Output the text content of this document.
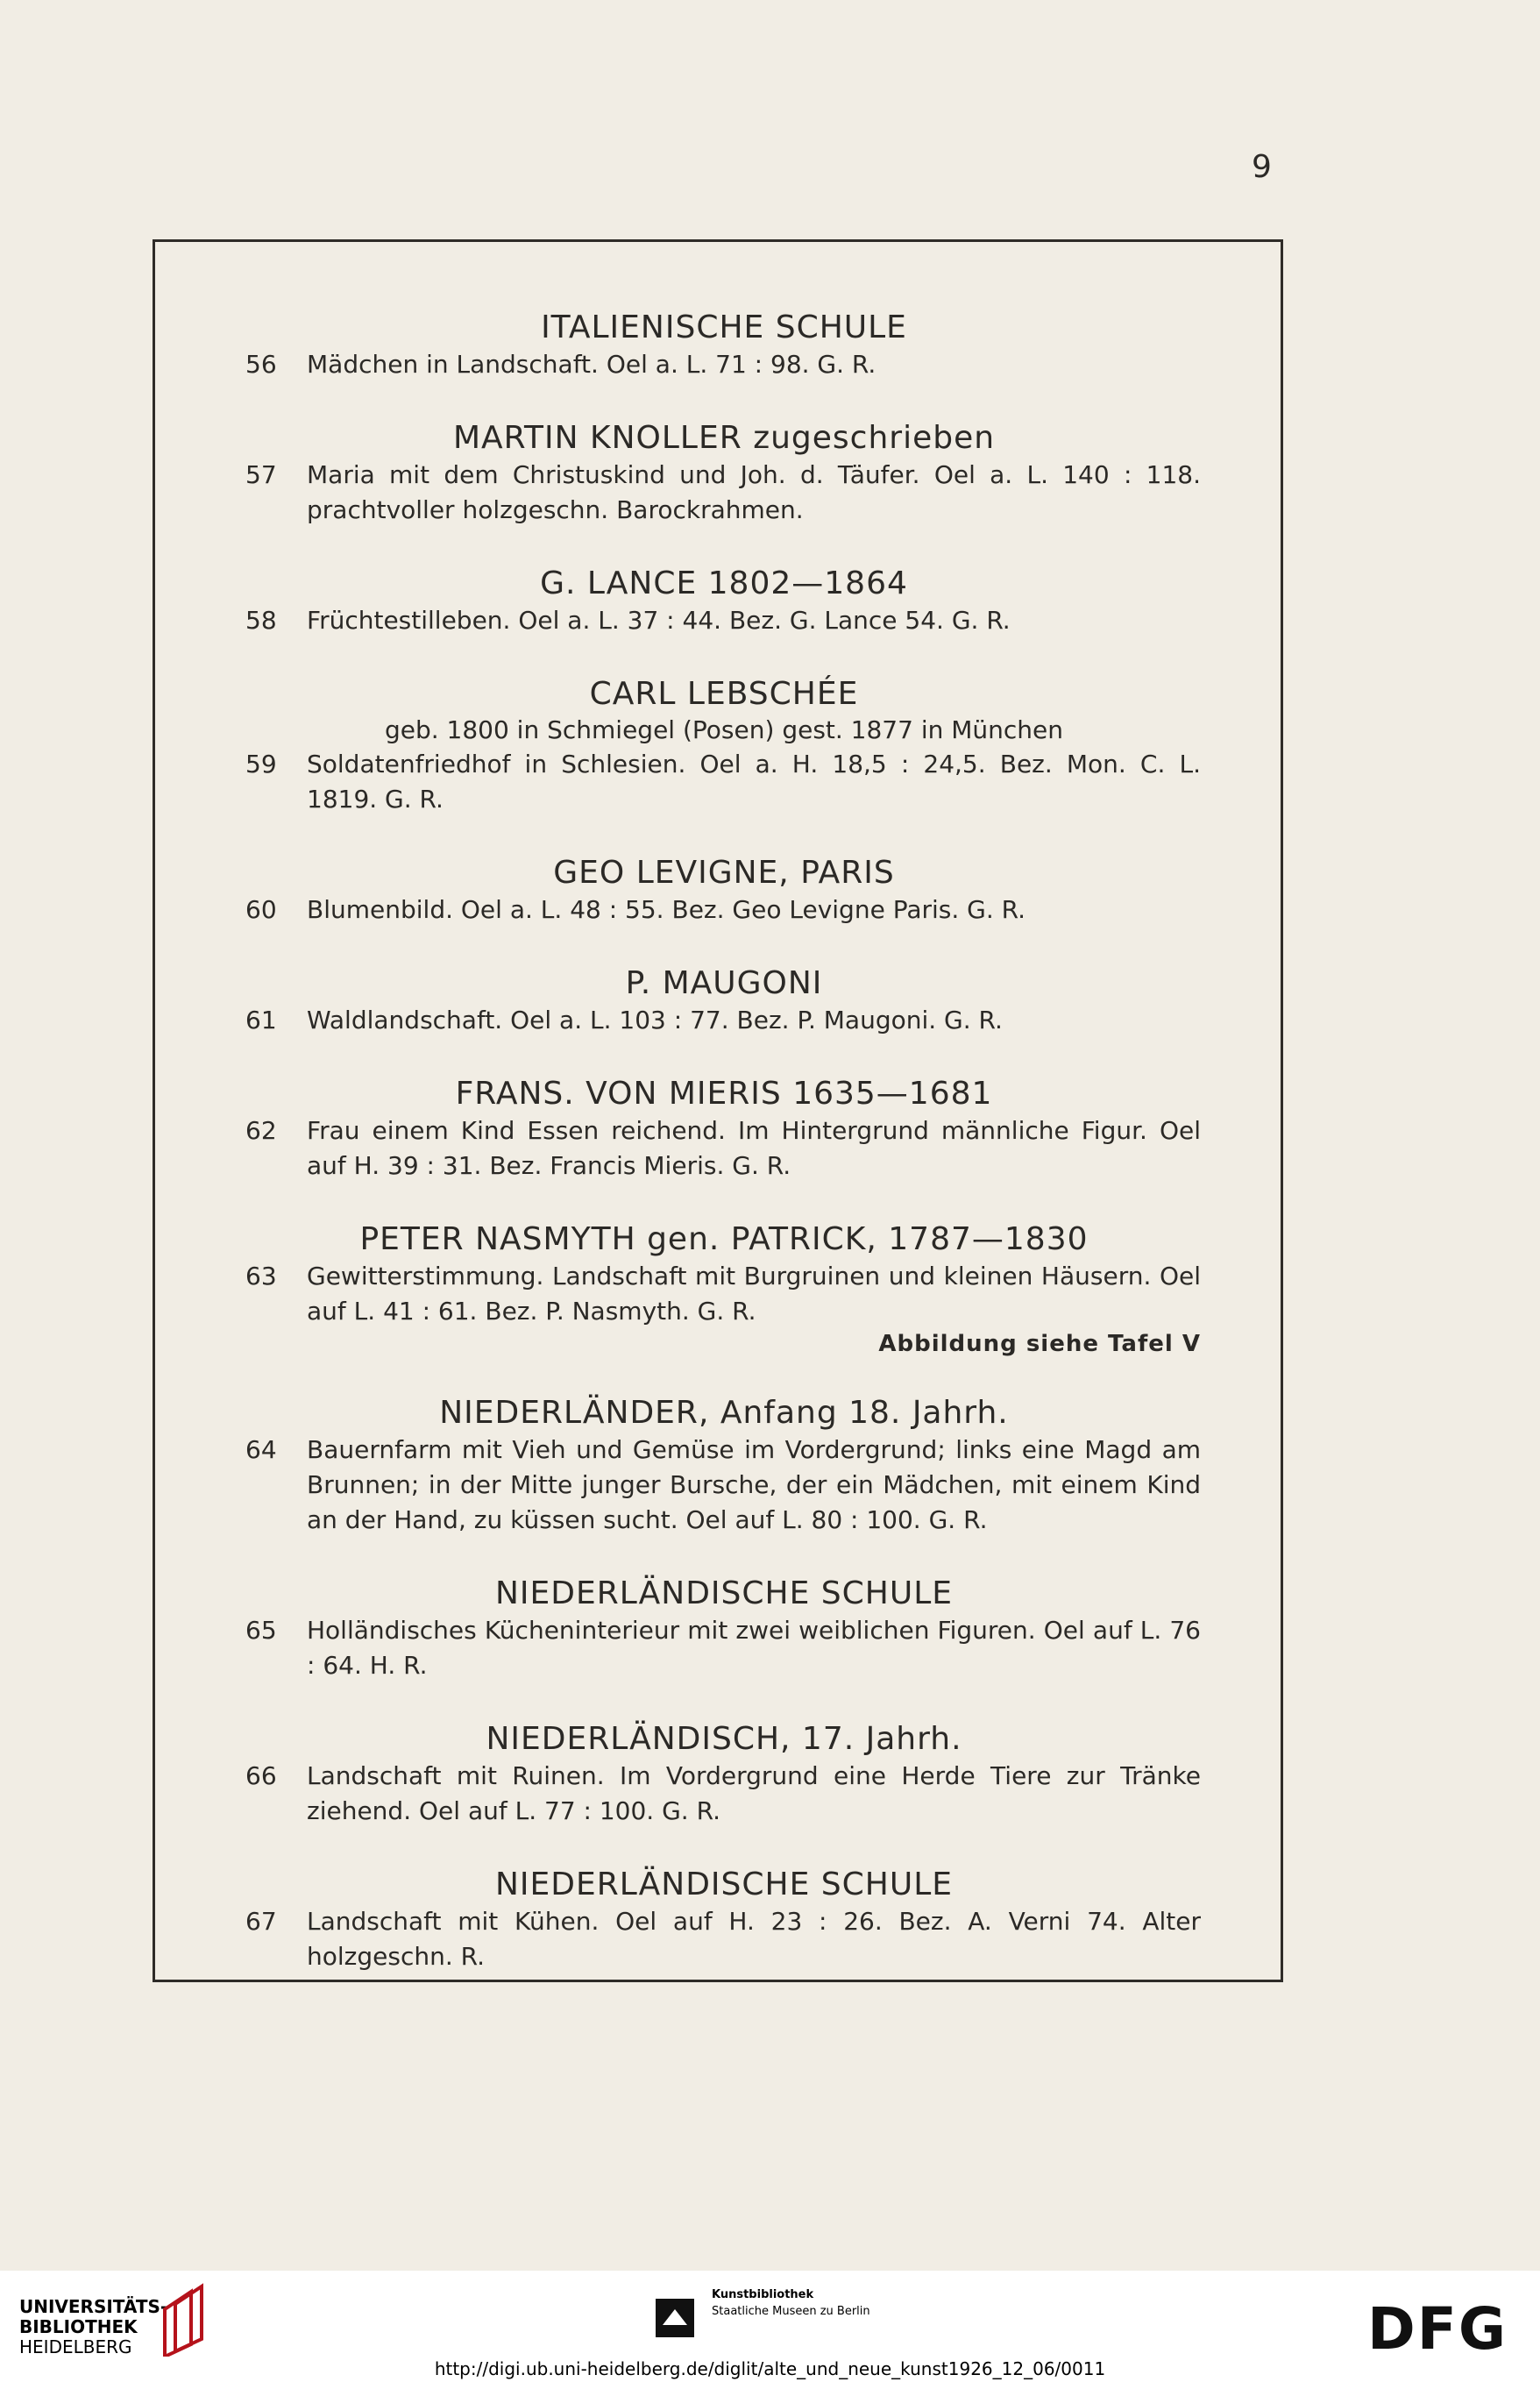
9
ITALIENISCHE SCHULE
56 Mädchen in Landschaft. Oel a. L. 71 : 98. G. R.
MARTIN KNOLLER zugeschrieben
57 Maria mit dem Christuskind und Joh. d. Täufer. Oel a. L. 140 : 118. prachtvoller holzgeschn. Barockrahmen.
G. LANCE 1802—1864
58 Früchtestilleben. Oel a. L. 37 : 44. Bez. G. Lance 54. G. R.
CARL LEBSCHÉE
geb. 1800 in Schmiegel (Posen) gest. 1877 in München
59 Soldatenfriedhof in Schlesien. Oel a. H. 18,5 : 24,5. Bez. Mon. C. L. 1819. G. R.
GEO LEVIGNE, PARIS
60 Blumenbild. Oel a. L. 48 : 55. Bez. Geo Levigne Paris. G. R.
P. MAUGONI
61 Waldlandschaft. Oel a. L. 103 : 77. Bez. P. Maugoni. G. R.
FRANS. VON MIERIS 1635—1681
62 Frau einem Kind Essen reichend. Im Hintergrund männliche Figur. Oel auf H. 39 : 31. Bez. Francis Mieris. G. R.
PETER NASMYTH gen. PATRICK, 1787—1830
63 Gewitterstimmung. Landschaft mit Burgruinen und kleinen Häusern. Oel auf L. 41 : 61. Bez. P. Nasmyth. G. R.
Abbildung siehe Tafel V
NIEDERLÄNDER, Anfang 18. Jahrh.
64 Bauernfarm mit Vieh und Gemüse im Vordergrund; links eine Magd am Brunnen; in der Mitte junger Bursche, der ein Mädchen, mit einem Kind an der Hand, zu küssen sucht. Oel auf L. 80 : 100. G. R.
NIEDERLÄNDISCHE SCHULE
65 Holländisches Kücheninterieur mit zwei weiblichen Figuren. Oel auf L. 76 : 64. H. R.
NIEDERLÄNDISCH, 17. Jahrh.
66 Landschaft mit Ruinen. Im Vordergrund eine Herde Tiere zur Tränke ziehend. Oel auf L. 77 : 100. G. R.
NIEDERLÄNDISCHE SCHULE
67 Landschaft mit Kühen. Oel auf H. 23 : 26. Bez. A. Verni 74. Alter holzgeschn. R.
UNIVERSITÄTS-
BIBLIOTHEK
HEIDELBERG
Kunstbibliothek
Staatliche Museen zu Berlin	DFG
http://digi.ub.uni-heidelberg.de/diglit/alte_und_neue_kunst1926_12_06/0011
